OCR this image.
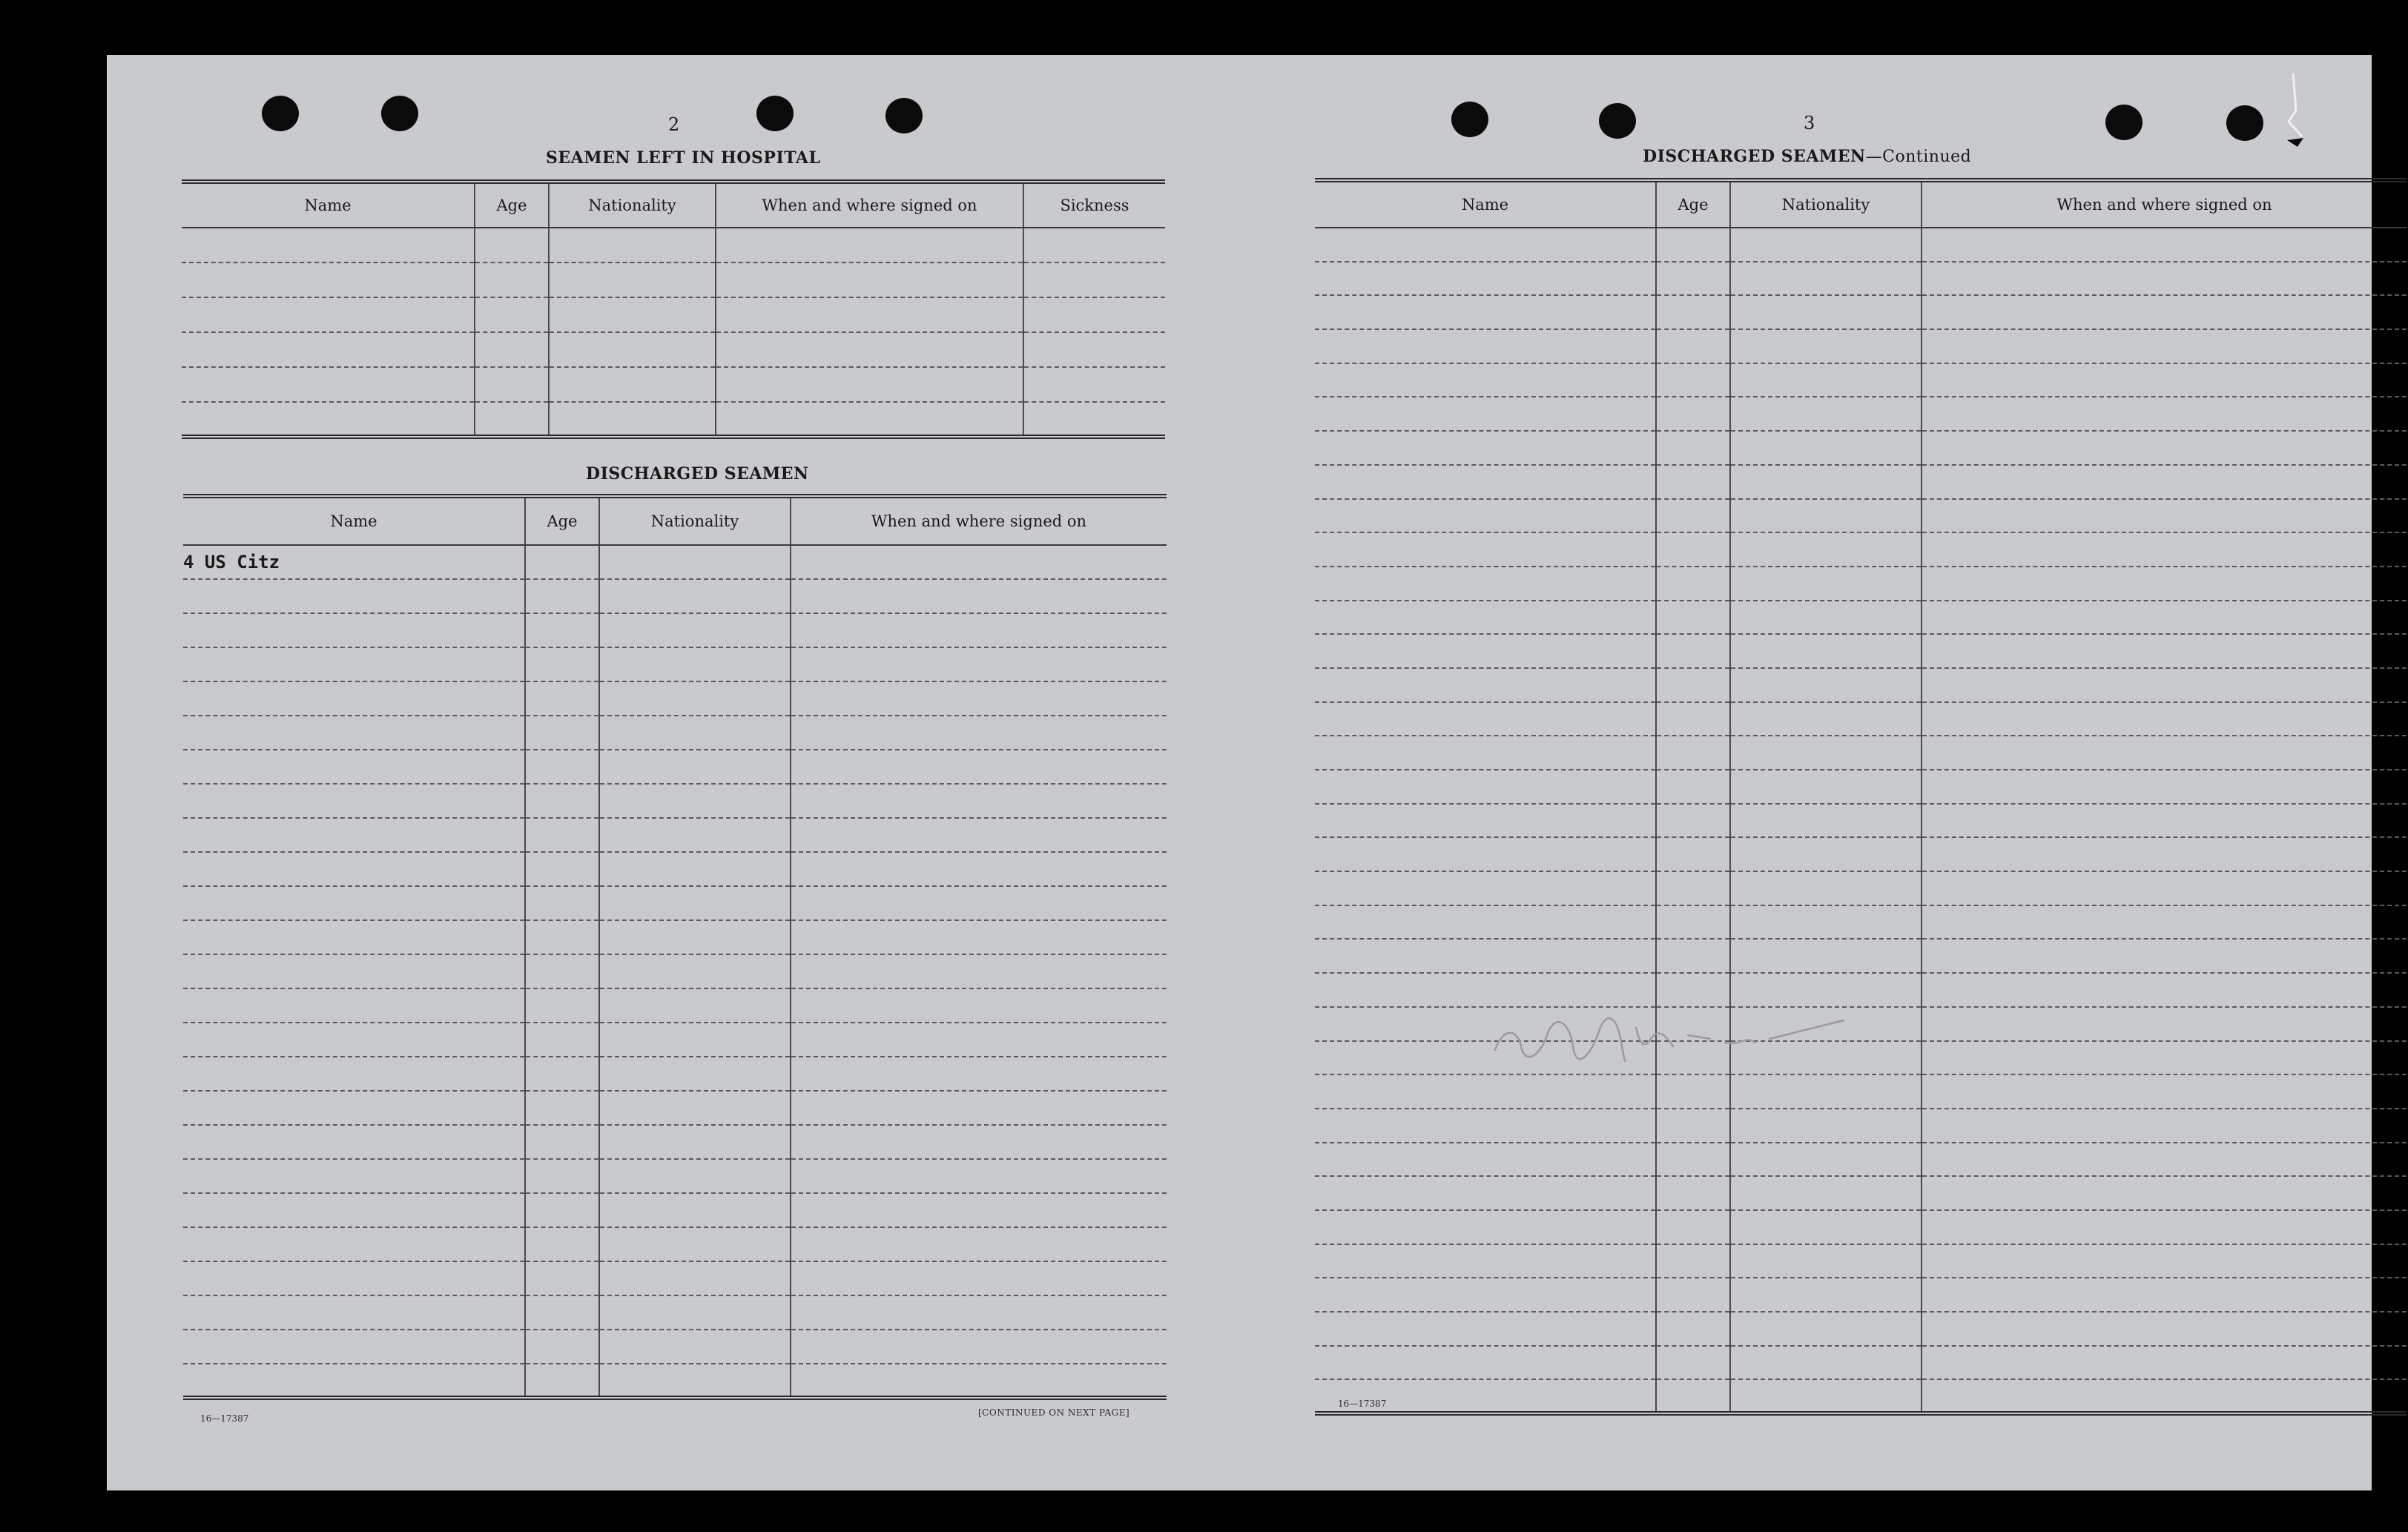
2
SEAMEN LEFT IN HOSPITAL
Name	Age	Nationality	When and where signed on	Sickness

DISCHARGED SEAMEN
Name	Age	Nationality	When and where signed on
4 US Citz			

16—17387
[CONTINUED ON NEXT PAGE]
3
DISCHARGED SEAMEN—Continued
Name	Age	Nationality	When and where signed on

16—17387
